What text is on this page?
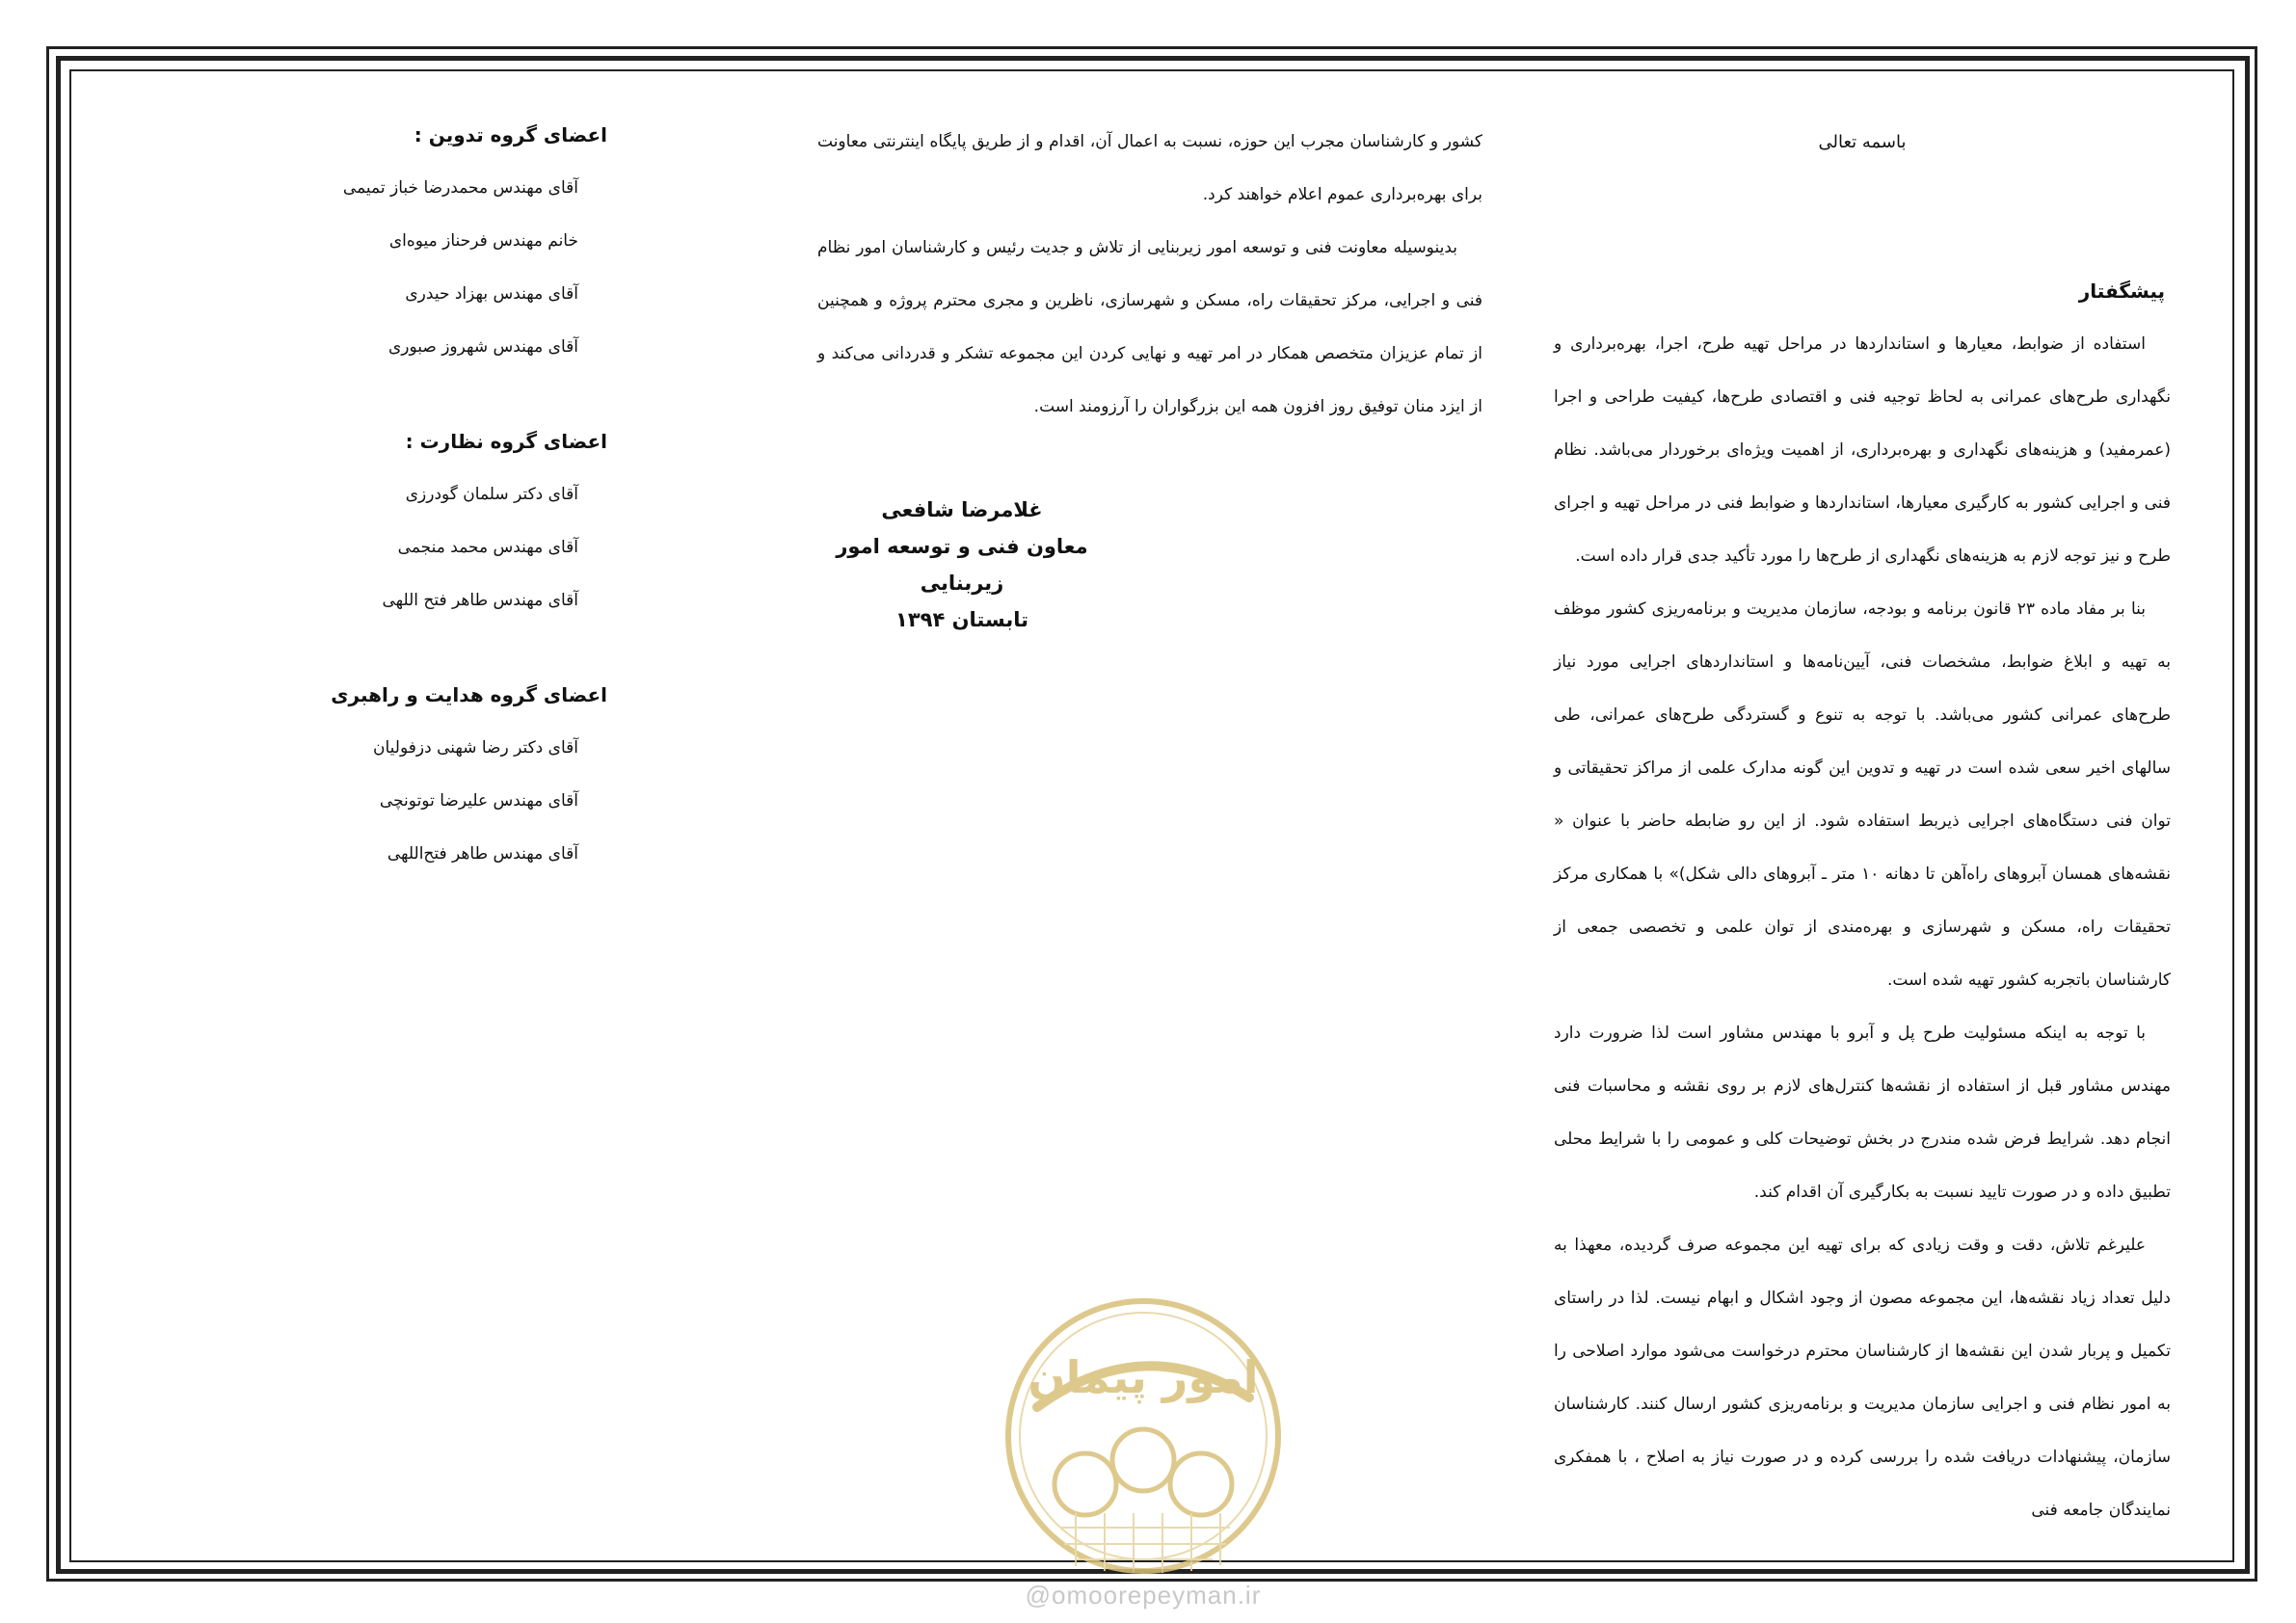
باسمه تعالی
پیشگفتار

استفاده از ضوابط، معیارها و استانداردها در مراحل تهیه طرح، اجرا، بهره‌برداری و نگهداری طرح‌های عمرانی به لحاظ توجیه فنی و اقتصادی طرح‌ها، کیفیت طراحی و اجرا (عمرمفید) و هزینه‌های نگهداری و بهره‌برداری، از اهمیت ویژه‌ای برخوردار می‌باشد. نظام فنی و اجرایی کشور به کارگیری معیارها، استانداردها و ضوابط فنی در مراحل تهیه و اجرای طرح و نیز توجه لازم به هزینه‌های نگهداری از طرح‌ها را مورد تأکید جدی قرار داده است.

بنا بر مفاد ماده ۲۳ قانون برنامه و بودجه، سازمان مدیریت و برنامه‌ریزی کشور موظف به تهیه و ابلاغ ضوابط، مشخصات فنی، آیین‌نامه‌ها و استانداردهای اجرایی مورد نیاز طرح‌های عمرانی کشور می‌باشد. با توجه به تنوع و گستردگی طرح‌های عمرانی، طی سالهای اخیر سعی شده است در تهیه و تدوین این گونه مدارک علمی از مراکز تحقیقاتی و توان فنی دستگاه‌های اجرایی ذیربط استفاده شود. از این رو ضابطه حاضر با عنوان « نقشه‌های همسان آبروهای راه‌آهن تا دهانه ۱۰ متر ـ آبروهای دالی شکل)» با همکاری مرکز تحقیقات راه، مسکن و شهرسازی و بهره‌مندی از توان علمی و تخصصی جمعی از کارشناسان باتجربه کشور تهیه شده است.

با توجه به اینکه مسئولیت طرح پل و آبرو با مهندس مشاور است لذا ضرورت دارد مهندس مشاور قبل از استفاده از نقشه‌ها کنترل‌های لازم بر روی نقشه و محاسبات فنی انجام دهد. شرایط فرض شده مندرج در بخش توضیحات کلی و عمومی را با شرایط محلی تطبیق داده و در صورت تایید نسبت به بکارگیری آن اقدام کند.

علیرغم تلاش، دقت و وقت زیادی که برای تهیه این مجموعه صرف گردیده، معهذا به دلیل تعداد زیاد نقشه‌ها، این مجموعه مصون از وجود اشکال و ابهام نیست. لذا در راستای تکمیل و پربار شدن این نقشه‌ها از کارشناسان محترم درخواست می‌شود موارد اصلاحی را به امور نظام فنی و اجرایی سازمان مدیریت و برنامه‌ریزی کشور ارسال کنند. کارشناسان سازمان، پیشنهادات دریافت شده را بررسی کرده و در صورت نیاز به اصلاح ، با همفکری نمایندگان جامعه فنی

کشور و کارشناسان مجرب این حوزه، نسبت به اعمال آن، اقدام و از طریق پایگاه اینترنتی معاونت برای بهره‌برداری عموم اعلام خواهند کرد.

بدینوسیله معاونت فنی و توسعه امور زیربنایی از تلاش و جدیت رئیس و کارشناسان امور نظام فنی و اجرایی، مرکز تحقیقات راه، مسکن و شهرسازی، ناظرین و مجری محترم پروژه و همچنین از تمام عزیزان متخصص همکار در امر تهیه و نهایی کردن این مجموعه تشکر و قدردانی می‌کند و از ایزد منان توفیق روز افزون همه این بزرگواران را آرزومند است.

غلامرضا شافعی
معاون فنی و توسعه امور زیربنایی
تابستان ۱۳۹۴
اعضای گروه تدوین :
آقای مهندس محمدرضا خباز تمیمی
خانم مهندس فرحناز میوه‌ای
آقای مهندس بهزاد حیدری
آقای مهندس شهروز صبوری
اعضای گروه نظارت :
آقای دکتر سلمان گودرزی
آقای مهندس محمد منجمی
آقای مهندس طاهر فتح اللهی
اعضای گروه هدایت و راهبری
آقای دکتر رضا شهنی دزفولیان
آقای مهندس علیرضا توتونچی
آقای مهندس طاهر فتح‌اللهی
امور پیمان
@omoorepeyman.ir
